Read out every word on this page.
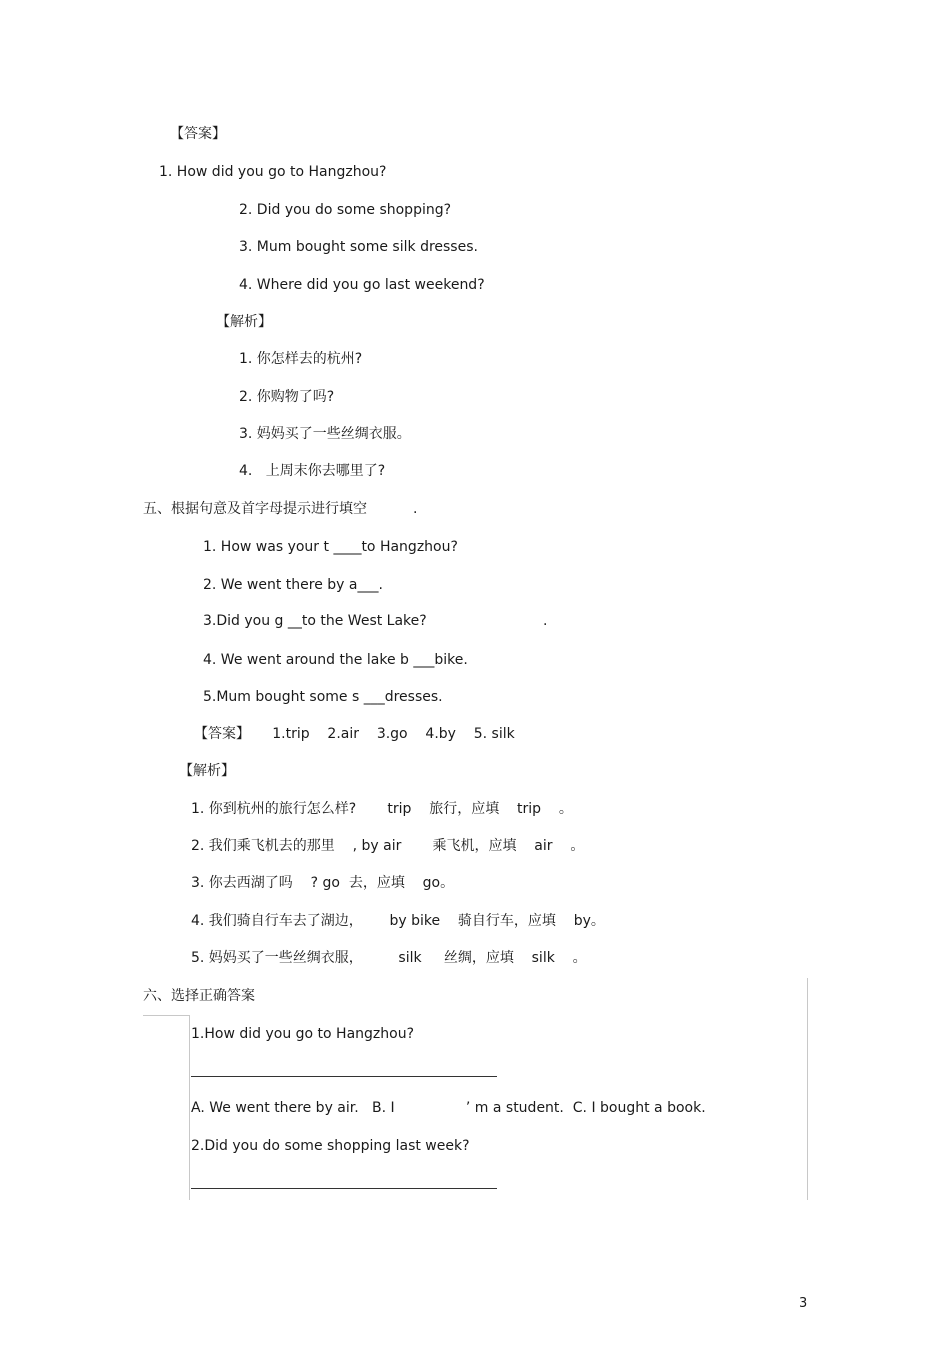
【答案】
1. How did you go to Hangzhou?
2. Did you do some shopping?
3. Mum bought some silk dresses.
4. Where did you go last weekend?
【解析】
1. 你怎样去的杭州?
2. 你购物了吗?
3. 妈妈买了一些丝绸衣服。
4.   上周末你去哪里了?
五、根据句意及首字母提示进行填空	.
1. How was your t ____to Hangzhou?
2. We went there by a___.
3.Did you g __to the West Lake?	.
4. We went around the lake b ___bike.
5.Mum bought some s ___dresses.
【答案】     1.trip    2.air    3.go    4.by    5. silk
【解析】
1. 你到杭州的旅行怎么样?       trip    旅行，应填    trip    。
2. 我们乘飞机去的那里    , by air       乘飞机，应填    air    。
3. 你去西湖了吗    ? go  去，应填    go。
4. 我们骑自行车去了湖边，      by bike    骑自行车，应填    by。
5. 妈妈买了一些丝绸衣服，        silk     丝绸，应填    silk    。
六、选择正确答案
1.How did you go to Hangzhou?
A. We went there by air.   B. I                ’ m a student.  C. I bought a book.
2.Did you do some shopping last week?
3
